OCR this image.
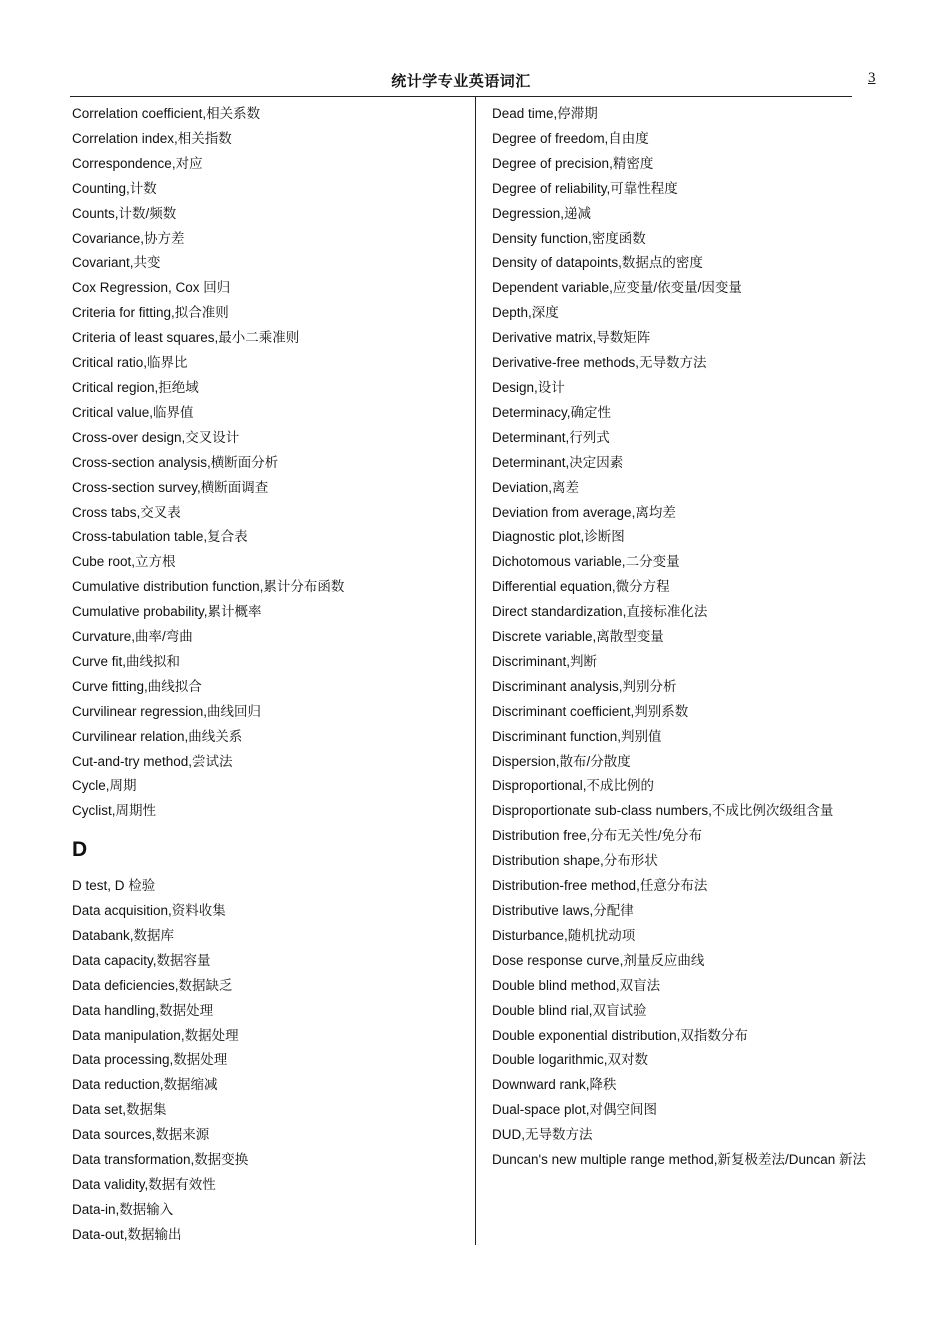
统计学专业英语词汇	3
Correlation coefficient,相关系数
Correlation index,相关指数
Correspondence,对应
Counting,计数
Counts,计数/频数
Covariance,协方差
Covariant,共变
Cox Regression, Cox 回归
Criteria for fitting,拟合准则
Criteria of least squares,最小二乘准则
Critical ratio,临界比
Critical region,拒绝域
Critical value,临界值
Cross-over design,交叉设计
Cross-section analysis,横断面分析
Cross-section survey,横断面调查
Cross tabs,交叉表
Cross-tabulation table,复合表
Cube root,立方根
Cumulative distribution function,累计分布函数
Cumulative probability,累计概率
Curvature,曲率/弯曲
Curve fit,曲线拟和
Curve fitting,曲线拟合
Curvilinear regression,曲线回归
Curvilinear relation,曲线关系
Cut-and-try method,尝试法
Cycle,周期
Cyclist,周期性
D
D test, D 检验
Data acquisition,资料收集
Databank,数据库
Data capacity,数据容量
Data deficiencies,数据缺乏
Data handling,数据处理
Data manipulation,数据处理
Data processing,数据处理
Data reduction,数据缩减
Data set,数据集
Data sources,数据来源
Data transformation,数据变换
Data validity,数据有效性
Data-in,数据输入
Data-out,数据输出
Dead time,停滞期
Degree of freedom,自由度
Degree of precision,精密度
Degree of reliability,可靠性程度
Degression,递减
Density function,密度函数
Density of datapoints,数据点的密度
Dependent variable,应变量/依变量/因变量
Depth,深度
Derivative matrix,导数矩阵
Derivative-free methods,无导数方法
Design,设计
Determinacy,确定性
Determinant,行列式
Determinant,决定因素
Deviation,离差
Deviation from average,离均差
Diagnostic plot,诊断图
Dichotomous variable,二分变量
Differential equation,微分方程
Direct standardization,直接标准化法
Discrete variable,离散型变量
Discriminant,判断
Discriminant analysis,判别分析
Discriminant coefficient,判别系数
Discriminant function,判别值
Dispersion,散布/分散度
Disproportional,不成比例的
Disproportionate sub-class numbers,不成比例次级组含量
Distribution free,分布无关性/免分布
Distribution shape,分布形状
Distribution-free method,任意分布法
Distributive laws,分配律
Disturbance,随机扰动项
Dose response curve,剂量反应曲线
Double blind method,双盲法
Double blind rial,双盲试验
Double exponential distribution,双指数分布
Double logarithmic,双对数
Downward rank,降秩
Dual-space plot,对偶空间图
DUD,无导数方法
Duncan's new multiple range method,新复极差法/Duncan 新法
